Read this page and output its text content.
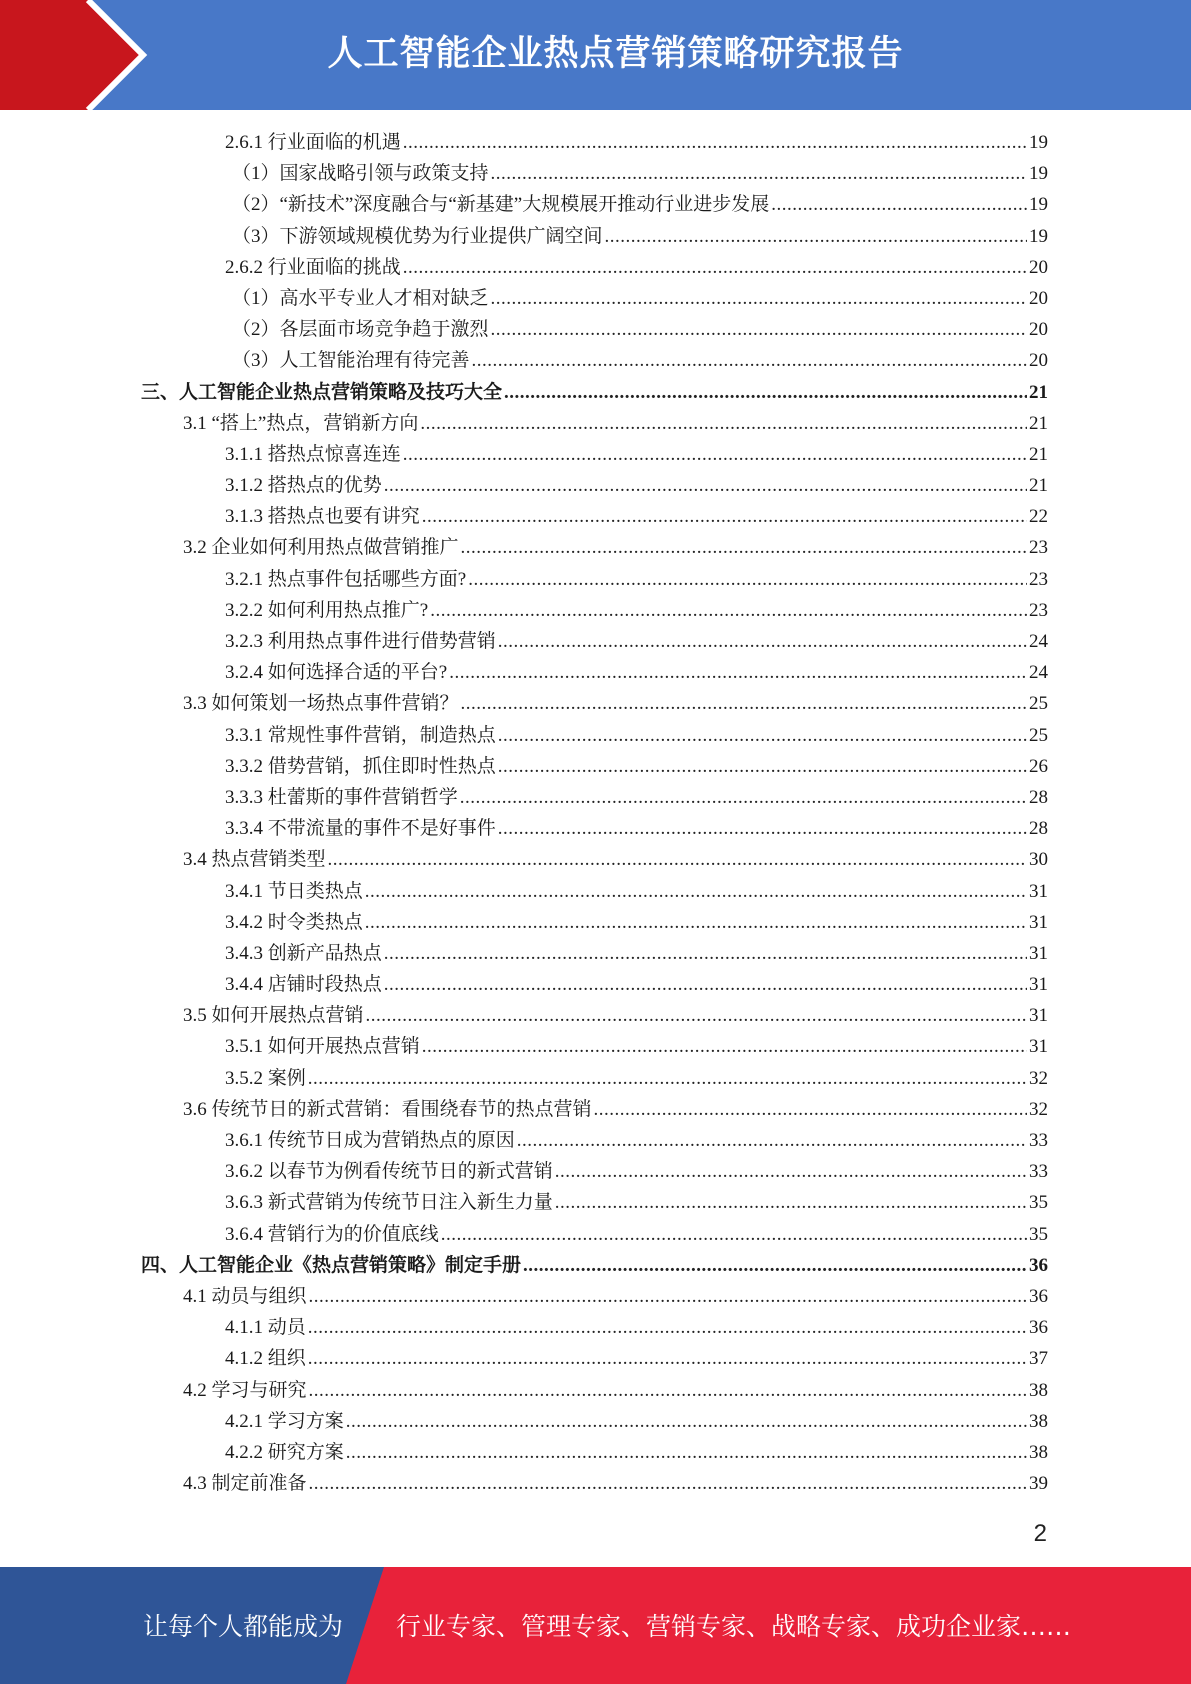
人工智能企业热点营销策略研究报告
2.6.1 行业面临的机遇 .....	19
（1）国家战略引领与政策支持 .....	19
（2）“新技术”深度融合与“新基建”大规模展开推动行业进步发展 .....	19
（3）下游领域规模优势为行业提供广阔空间 .....	19
2.6.2 行业面临的挑战 .....	20
（1）高水平专业人才相对缺乏 .....	20
（2）各层面市场竞争趋于激烈 .....	20
（3）人工智能治理有待完善 .....	20
三、人工智能企业热点营销策略及技巧大全 .....	21
3.1 “搭上”热点，营销新方向 .....	21
3.1.1 搭热点惊喜连连 .....	21
3.1.2 搭热点的优势 .....	21
3.1.3 搭热点也要有讲究 .....	22
3.2 企业如何利用热点做营销推广 .....	23
3.2.1 热点事件包括哪些方面? .....	23
3.2.2 如何利用热点推广? .....	23
3.2.3 利用热点事件进行借势营销 .....	24
3.2.4 如何选择合适的平台? .....	24
3.3 如何策划一场热点事件营销？ .....	25
3.3.1 常规性事件营销，制造热点 .....	25
3.3.2 借势营销，抓住即时性热点 .....	26
3.3.3 杜蕾斯的事件营销哲学 .....	28
3.3.4 不带流量的事件不是好事件 .....	28
3.4 热点营销类型 .....	30
3.4.1 节日类热点 .....	31
3.4.2 时令类热点 .....	31
3.4.3 创新产品热点 .....	31
3.4.4 店铺时段热点 .....	31
3.5 如何开展热点营销 .....	31
3.5.1 如何开展热点营销 .....	31
3.5.2 案例 .....	32
3.6 传统节日的新式营销：看围绕春节的热点营销 .....	32
3.6.1 传统节日成为营销热点的原因 .....	33
3.6.2 以春节为例看传统节日的新式营销 .....	33
3.6.3 新式营销为传统节日注入新生力量 .....	35
3.6.4 营销行为的价值底线 .....	35
四、人工智能企业《热点营销策略》制定手册 .....	36
4.1 动员与组织 .....	36
4.1.1 动员 .....	36
4.1.2 组织 .....	37
4.2 学习与研究 .....	38
4.2.1 学习方案 .....	38
4.2.2 研究方案 .....	38
4.3 制定前准备 .....	39
2
让每个人都能成为 行业专家、管理专家、营销专家、战略专家、成功企业家……
